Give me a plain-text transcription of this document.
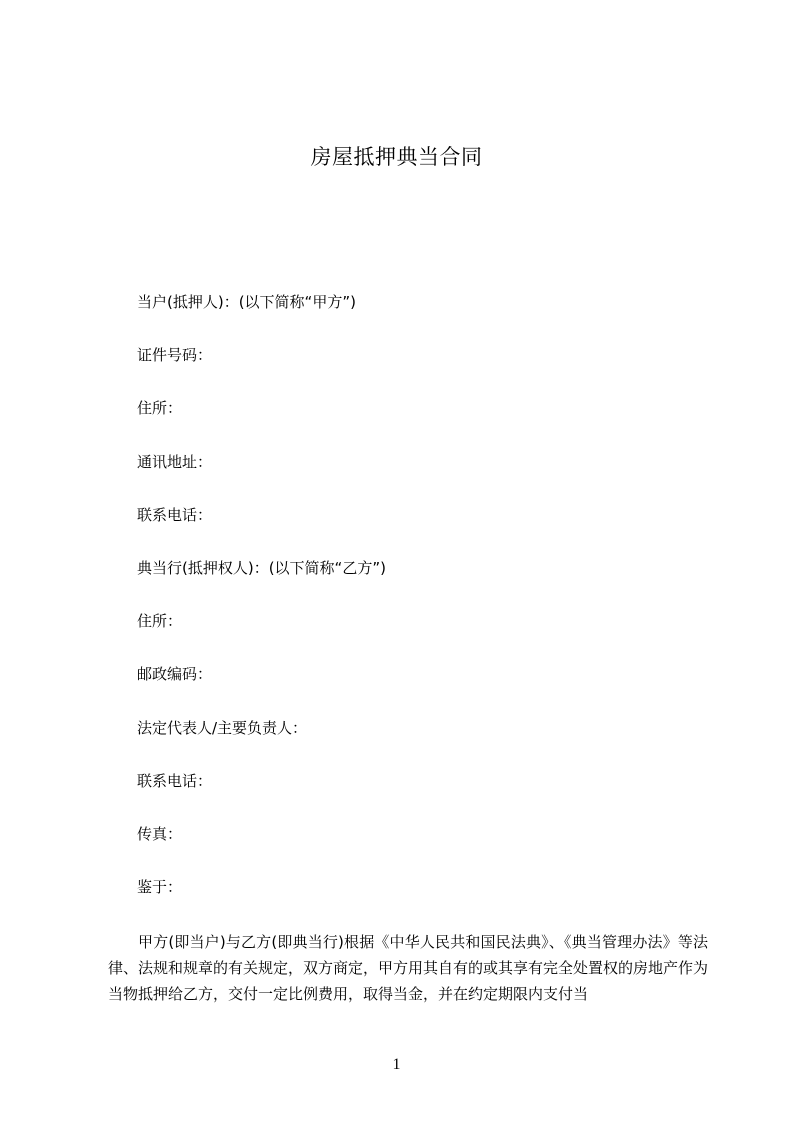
房屋抵押典当合同
当户(抵押人)：(以下简称“甲方”)
证件号码：
住所：
通讯地址：
联系电话：
典当行(抵押权人)：(以下简称“乙方”)
住所：
邮政编码：
法定代表人/主要负责人：
联系电话：
传真：
鉴于：

甲方(即当户)与乙方(即典当行)根据《中华人民共和国民法典》、《典当管理办法》等法律、法规和规章的有关规定，双方商定，甲方用其自有的或其享有完全处置权的房地产作为当物抵押给乙方，交付一定比例费用，取得当金，并在约定期限内支付当

1
